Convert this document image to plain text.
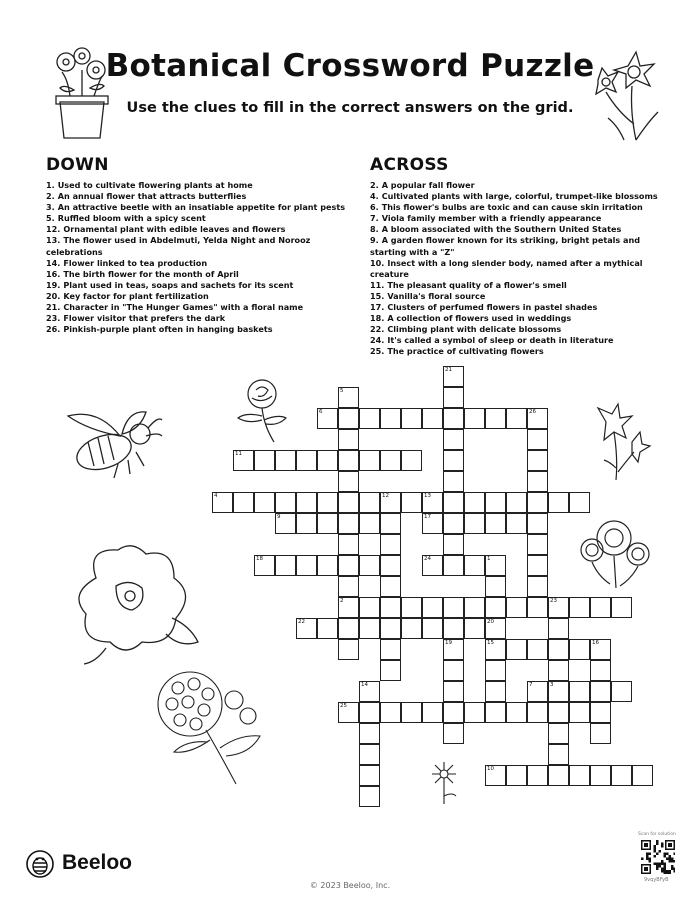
Botanical Crossword Puzzle
Use the clues to fill in the correct answers on the grid.
DOWN
1. Used to cultivate flowering plants at home
2. An annual flower that attracts butterflies
3. An attractive beetle with an insatiable appetite for plant pests
5. Ruffled bloom with a spicy scent
12. Ornamental plant with edible leaves and flowers
13. The flower used in Abdelmuti, Yelda Night and Norooz celebrations
14. Flower linked to tea production
16. The birth flower for the month of April
19. Plant used in teas, soaps and sachets for its scent
20. Key factor for plant fertilization
21. Character in "The Hunger Games" with a floral name
23. Flower visitor that prefers the dark
26. Pinkish-purple plant often in hanging baskets
ACROSS
2. A popular fall flower
4. Cultivated plants with large, colorful, trumpet-like blossoms
6. This flower's bulbs are toxic and can cause skin irritation
7. Viola family member with a friendly appearance
8. A bloom associated with the Southern United States
9. A garden flower known for its striking, bright petals and starting with a "Z"
10. Insect with a long slender body, named after a mythical creature
11. The pleasant quality of a flower's smell
15. Vanilla's floral source
17. Clusters of perfumed flowers in pastel shades
18. A collection of flowers used in weddings
22. Climbing plant with delicate blossoms
24. It's called a symbol of sleep or death in literature
25. The practice of cultivating flowers
6
11
4	12	13
9	17
18	24	1
2	23
22	20
15	16
7	3
25
10
21
5
26
19
14
Beeloo
© 2023 Beeloo, Inc.
Scan for solution
9vqyBFyB
